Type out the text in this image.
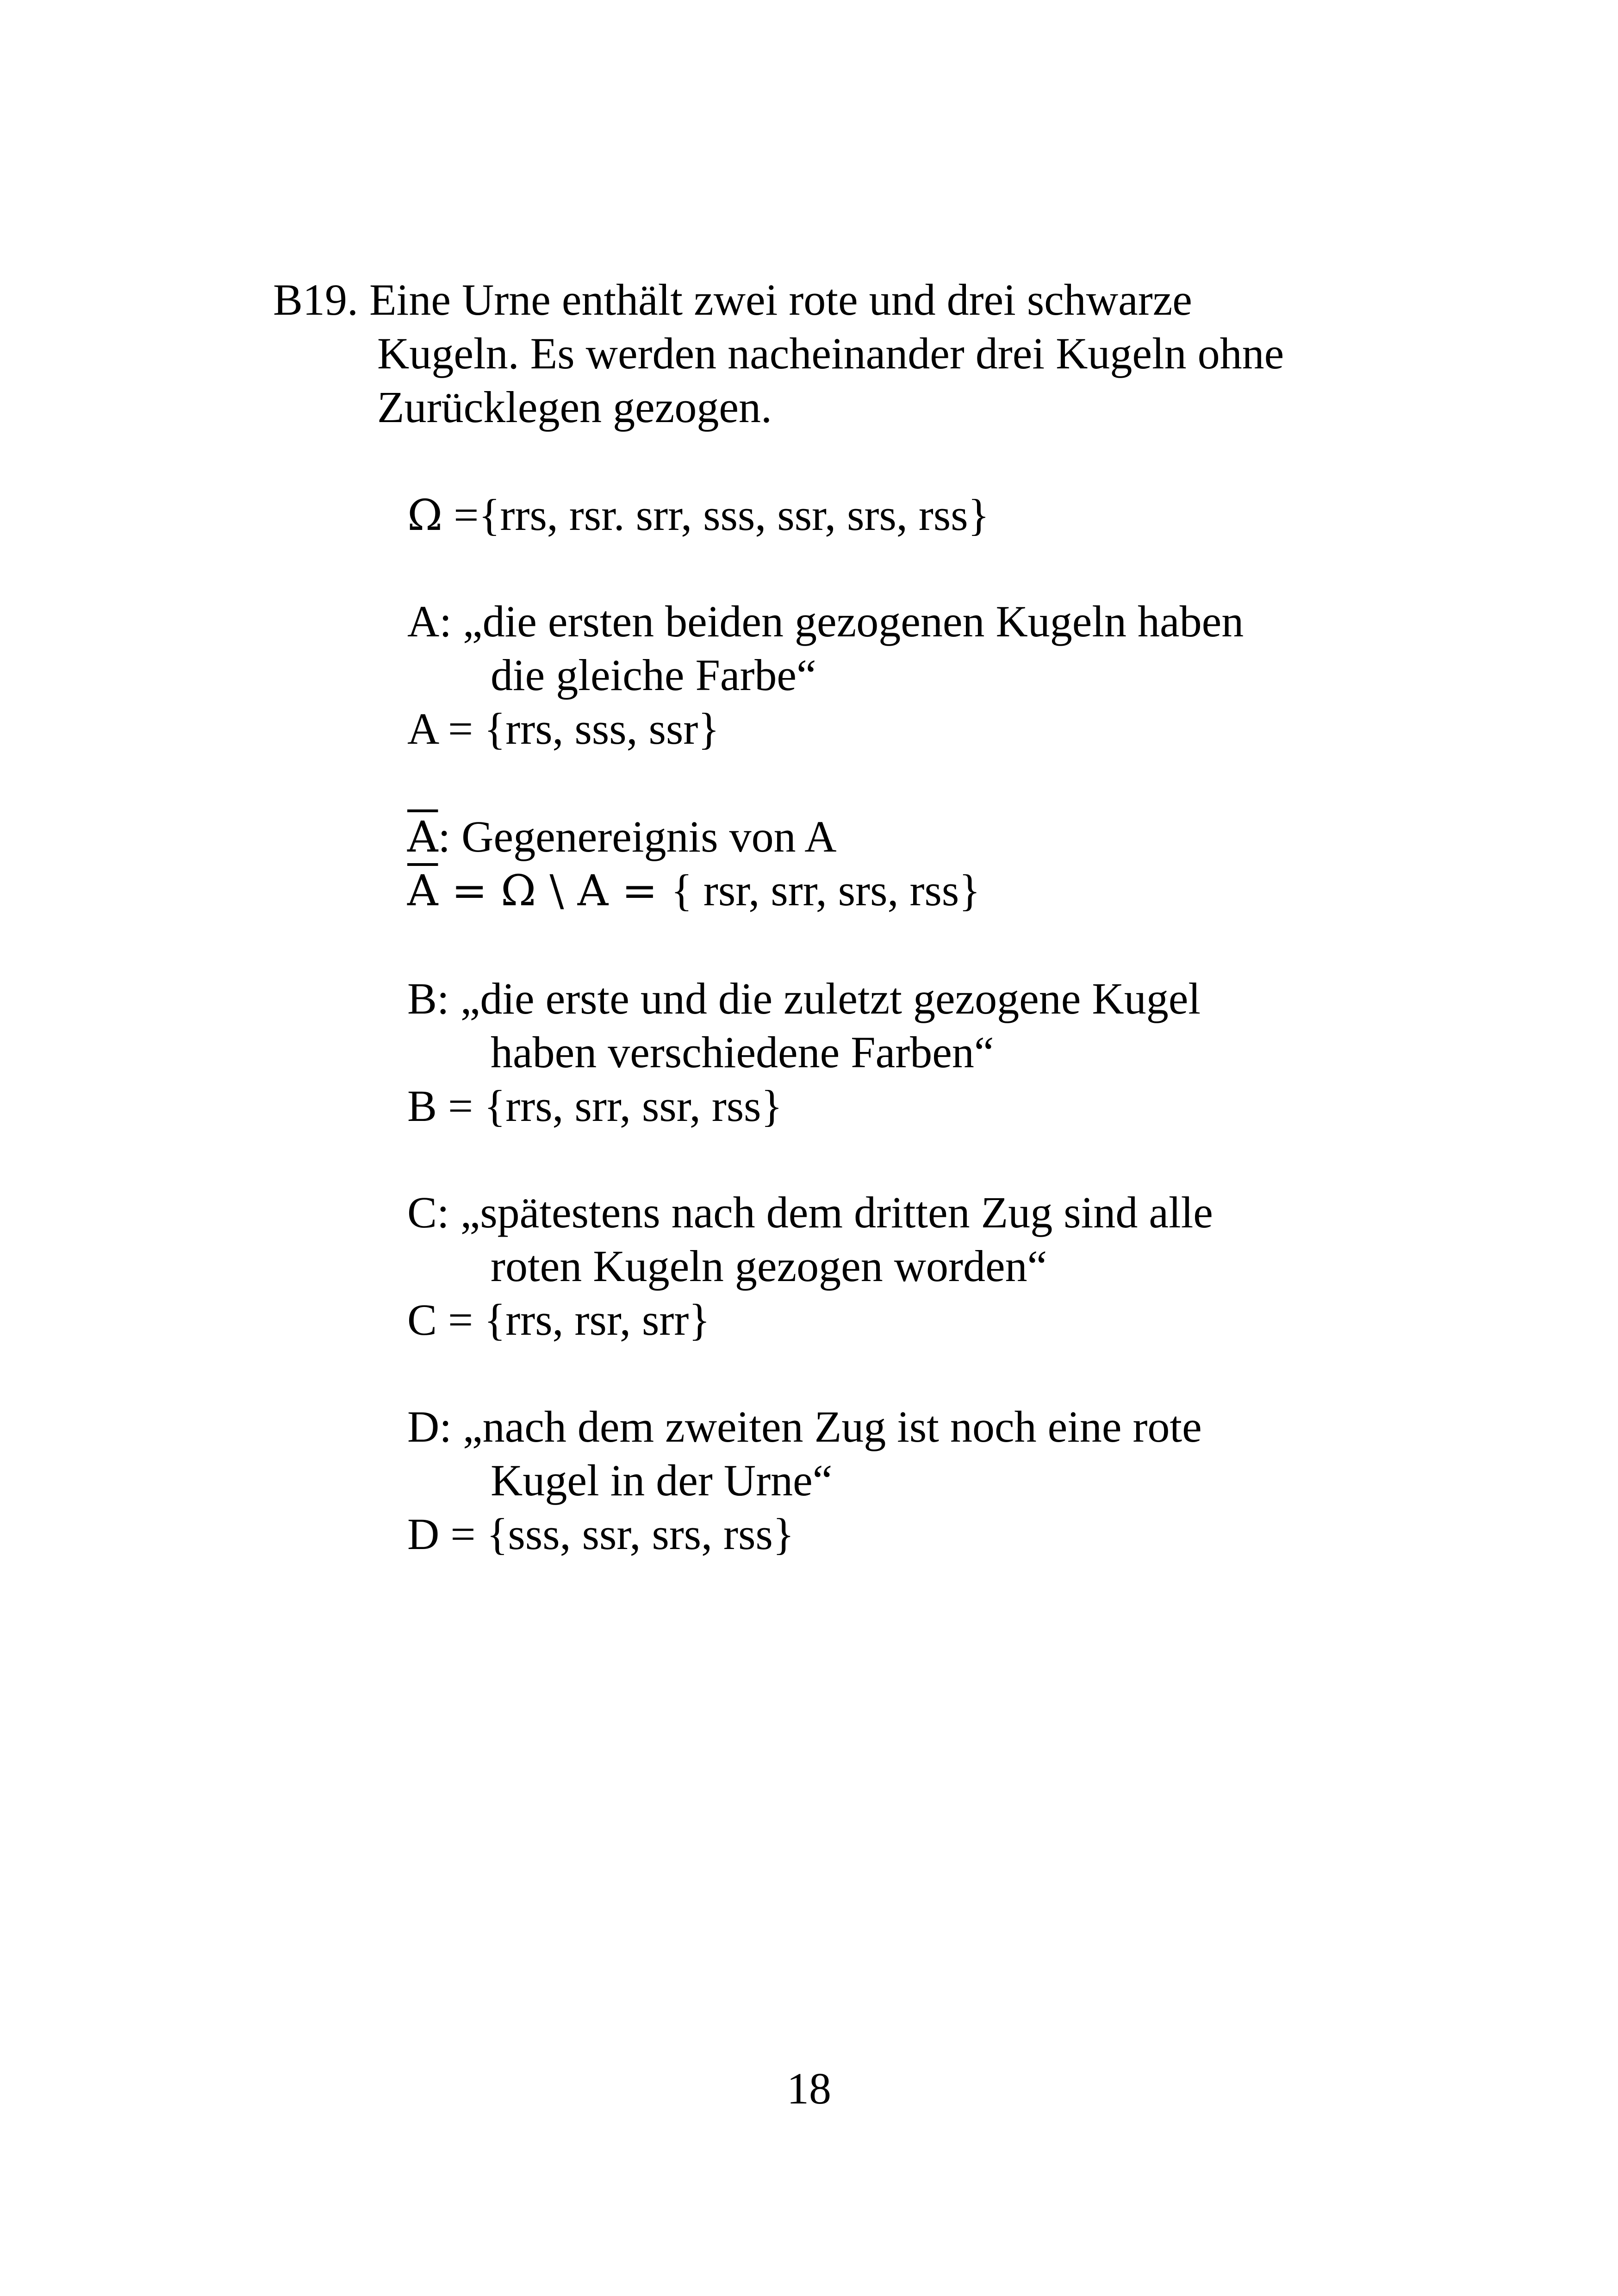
B19. Eine Urne enthält zwei rote und drei schwarze
Kugeln. Es werden nacheinander drei Kugeln ohne
Zurücklegen gezogen.
Ω ={rrs, rsr. srr, sss, ssr, srs, rss}
A: „die ersten beiden gezogenen Kugeln haben
die gleiche Farbe“
A = {rrs, sss, ssr}
$\overline{A}$: Gegenereignis von A
$\overline{A} = \Omega$ \ A = { rsr, srr, srs, rss}
B: „die erste und die zuletzt gezogene Kugel
haben verschiedene Farben“
B = {rrs, srr, ssr, rss}
C: „spätestens nach dem dritten Zug sind alle
roten Kugeln gezogen worden“
C = {rrs, rsr, srr}
D: „nach dem zweiten Zug ist noch eine rote
Kugel in der Urne“
D = {sss, ssr, srs, rss}
18
